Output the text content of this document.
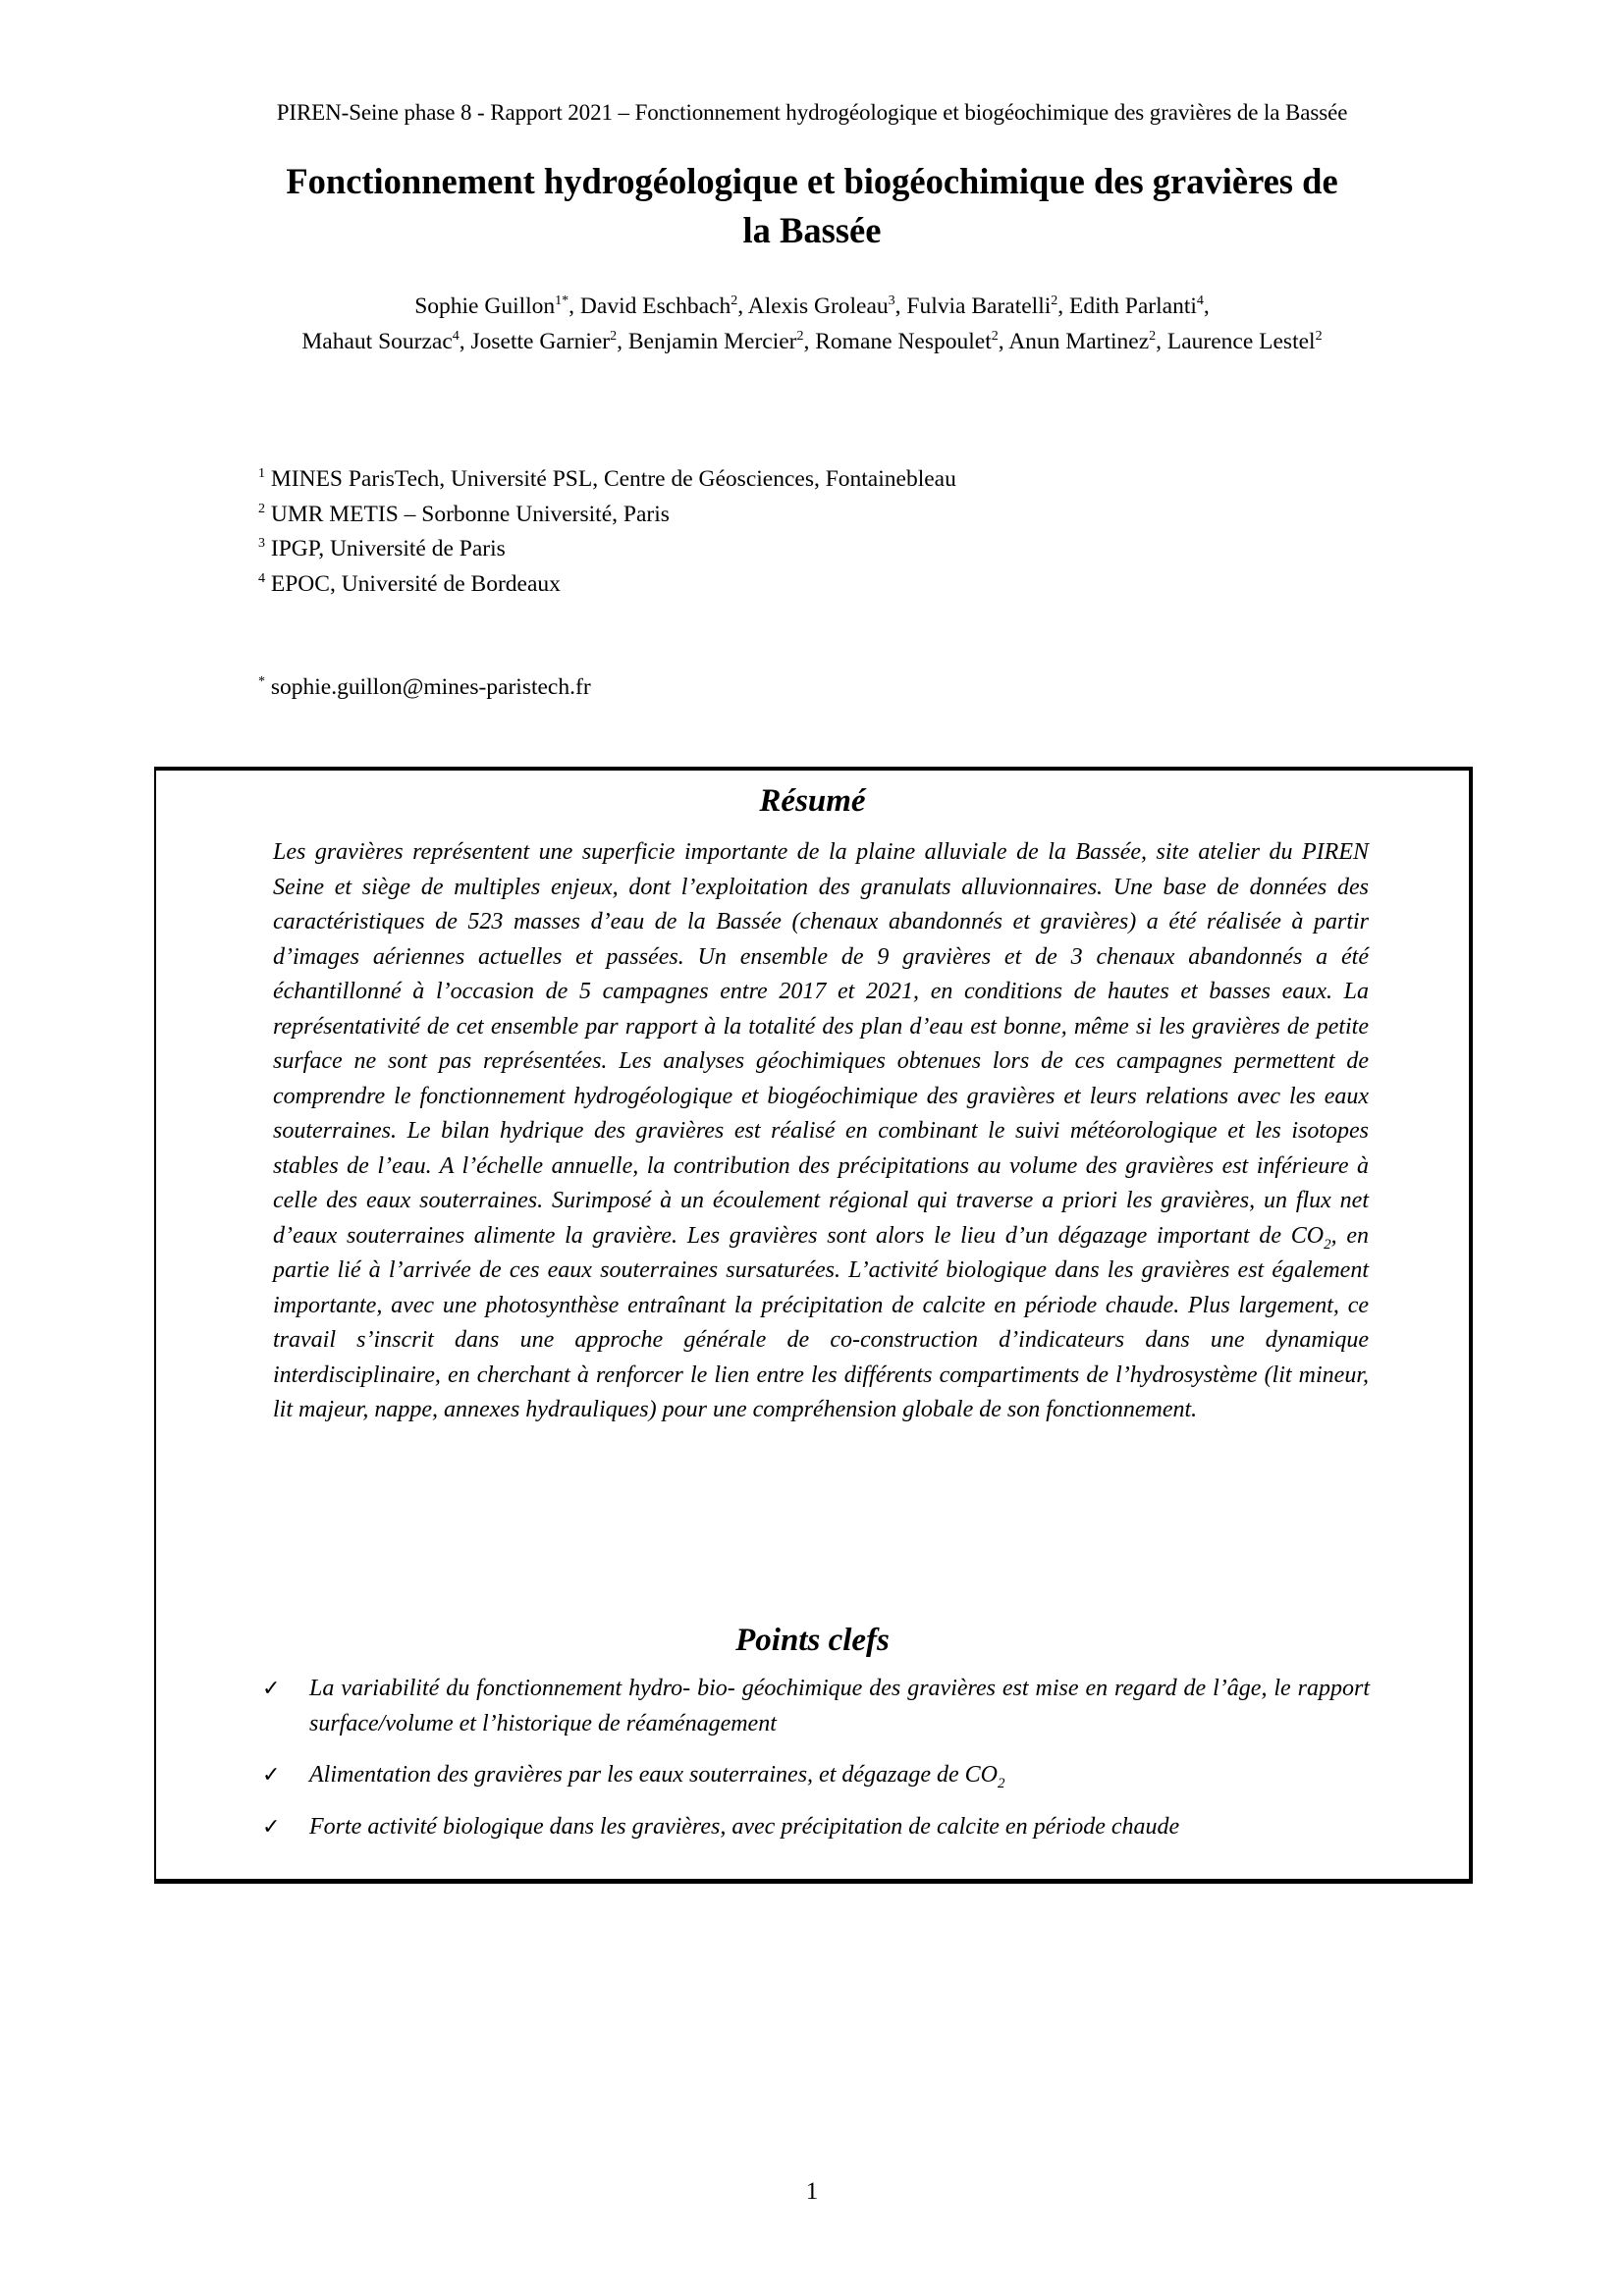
PIREN-Seine phase 8 - Rapport 2021 – Fonctionnement hydrogéologique et biogéochimique des gravières de la Bassée
Fonctionnement hydrogéologique et biogéochimique des gravières de
la Bassée
Sophie Guillon$^{1*}$, David Eschbach$^2$, Alexis Groleau$^3$, Fulvia Baratelli$^2$, Edith Parlanti$^4$,
Mahaut Sourzac$^4$, Josette Garnier$^2$, Benjamin Mercier$^2$, Romane Nespoulet$^2$, Anun Martinez$^2$, Laurence Lestel$^2$
$^1$ MINES ParisTech, Université PSL, Centre de Géosciences, Fontainebleau
$^2$ UMR METIS – Sorbonne Université, Paris
$^3$ IPGP, Université de Paris
$^4$ EPOC, Université de Bordeaux
* sophie.guillon@mines-paristech.fr
Résumé
Les gravières représentent une superficie importante de la plaine alluviale de la Bassée, site atelier du PIREN Seine et siège de multiples enjeux, dont l’exploitation des granulats alluvionnaires. Une base de données des caractéristiques de 523 masses d’eau de la Bassée (chenaux abandonnés et gravières) a été réalisée à partir d’images aériennes actuelles et passées. Un ensemble de 9 gravières et de 3 chenaux abandonnés a été échantillonné à l’occasion de 5 campagnes entre 2017 et 2021, en conditions de hautes et basses eaux. La représentativité de cet ensemble par rapport à la totalité des plan d’eau est bonne, même si les gravières de petite surface ne sont pas représentées. Les analyses géochimiques obtenues lors de ces campagnes permettent de comprendre le fonctionnement hydrogéologique et biogéochimique des gravières et leurs relations avec les eaux souterraines. Le bilan hydrique des gravières est réalisé en combinant le suivi météorologique et les isotopes stables de l’eau. A l’échelle annuelle, la contribution des précipitations au volume des gravières est inférieure à celle des eaux souterraines. Surimposé à un écoulement régional qui traverse a priori les gravières, un flux net d’eaux souterraines alimente la gravière. Les gravières sont alors le lieu d’un dégazage important de $CO_2$, en partie lié à l’arrivée de ces eaux souterraines sursaturées. L’activité biologique dans les gravières est également importante, avec une photosynthèse entraînant la précipitation de calcite en période chaude. Plus largement, ce travail s’inscrit dans une approche générale de co-construction d’indicateurs dans une dynamique interdisciplinaire, en cherchant à renforcer le lien entre les différents compartiments de l’hydrosystème (lit mineur, lit majeur, nappe, annexes hydrauliques) pour une compréhension globale de son fonctionnement.
Points clefs
✓ La variabilité du fonctionnement hydro- bio- géochimique des gravières est mise en regard de l’âge, le rapport surface/volume et l’historique de réaménagement
✓ Alimentation des gravières par les eaux souterraines, et dégazage de $CO_2$
✓ Forte activité biologique dans les gravières, avec précipitation de calcite en période chaude
1
